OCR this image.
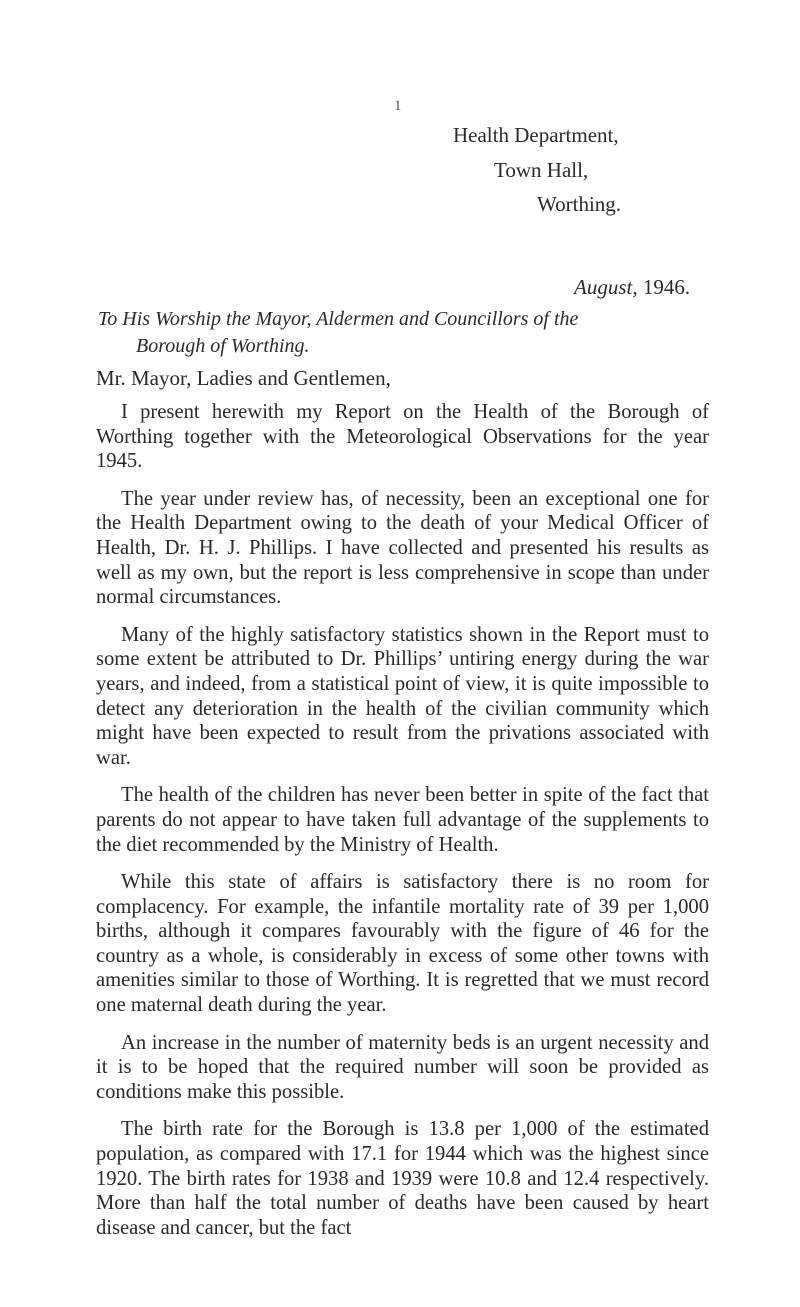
1
Health Department,
Town Hall,
Worthing.
August, 1946.
To His Worship the Mayor, Aldermen and Councillors of the
Borough of Worthing.
Mr. Mayor, Ladies and Gentlemen,

I present herewith my Report on the Health of the Borough of Worthing together with the Meteorological Observations for the year 1945.

The year under review has, of necessity, been an exceptional one for the Health Department owing to the death of your Medical Officer of Health, Dr. H. J. Phillips. I have collected and presented his results as well as my own, but the report is less comprehensive in scope than under normal circumstances.

Many of the highly satisfactory statistics shown in the Report must to some extent be attributed to Dr. Phillips’ untiring energy during the war years, and indeed, from a statistical point of view, it is quite impossible to detect any deterioration in the health of the civilian community which might have been expected to result from the privations associated with war.

The health of the children has never been better in spite of the fact that parents do not appear to have taken full advantage of the supplements to the diet recommended by the Ministry of Health.

While this state of affairs is satisfactory there is no room for complacency. For example, the infantile mortality rate of 39 per 1,000 births, although it compares favourably with the figure of 46 for the country as a whole, is considerably in excess of some other towns with amenities similar to those of Worthing. It is regretted that we must record one maternal death during the year.

An increase in the number of maternity beds is an urgent necessity and it is to be hoped that the required number will soon be provided as conditions make this possible.

The birth rate for the Borough is 13.8 per 1,000 of the estimated population, as compared with 17.1 for 1944 which was the highest since 1920. The birth rates for 1938 and 1939 were 10.8 and 12.4 respectively. More than half the total number of deaths have been caused by heart disease and cancer, but the fact
